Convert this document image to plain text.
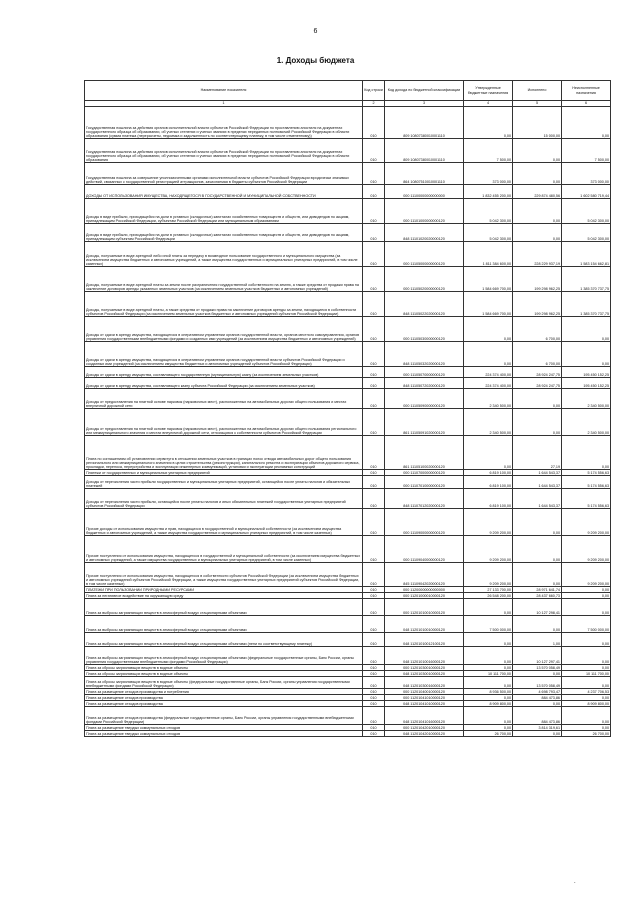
6
1. Доходы бюджета
Наименование показателя	Код строки	Код дохода по бюджетной классификации	Утвержденные бюджетные назначения	Исполнено	Неисполненные назначения
1	2	3	4	5	6
Государственная пошлина за действия органов исполнительной власти субъектов Российской Федерации по проставлению апостиля на документах государственного образца об образовании, об ученых степенях и ученых званиях в пределах переданных полномочий Российской Федерации в области образования (сумма платежа (перерасчеты, недоимка и задолженность по соответствующему платежу, в том числе отмененному))	010	809 10807380010001110	0,00	15 000,00	0,00
Государственная пошлина за действия органов исполнительной власти субъектов Российской Федерации по проставлению апостиля на документах государственного образца об образовании, об ученых степенях и ученых званиях в пределах переданных полномочий Российской Федерации в области образования	010	809 10807380010001110	7 500,00	0,00	7 500,00
Государственная пошлина за совершение уполномоченными органами исполнительной власти субъектов Российской Федерации юридически значимых действий, связанных с государственной регистрацией аттракционов, зачисляемая в бюджеты субъектов Российской Федерации	010	864 10807510010001110	373 000,00	0,00	373 000,00
ДОХОДЫ ОТ ИСПОЛЬЗОВАНИЯ ИМУЩЕСТВА, НАХОДЯЩЕГОСЯ В ГОСУДАРСТВЕННОЙ И МУНИЦИПАЛЬНОЙ СОБСТВЕННОСТИ	010	000 11100000000000000	1 832 455 200,00	229 874 480,56	1 602 580 719,44
Доходы в виде прибыли, приходящейся на доли в уставных (складочных) капиталах хозяйственных товариществ и обществ, или дивидендов по акциям, принадлежащим Российской Федерации, субъектам Российской Федерации или муниципальным образованиям	010	000 11101000000000120	5 042 300,00	0,00	5 042 300,00
Доходы в виде прибыли, приходящейся на доли в уставных (складочных) капиталах хозяйственных товариществ и обществ, или дивидендов по акциям, принадлежащим субъектам Российской Федерации	010	848 11101020020000120	5 042 300,00	0,00	5 042 300,00
Доходы, получаемые в виде арендной либо иной платы за передачу в возмездное пользование государственного и муниципального имущества (за исключением имущества бюджетных и автономных учреждений, а также имущества государственных и муниципальных унитарных предприятий, в том числе казенных)	010	000 11105000000000120	1 811 384 600,00	228 229 937,19	1 583 154 662,81
Доходы, получаемые в виде арендной платы за земли после разграничения государственной собственности на землю, а также средства от продажи права на заключение договоров аренды указанных земельных участков (за исключением земельных участков бюджетных и автономных учреждений)	010	000 11105020000000120	1 584 669 700,00	199 298 962,25	1 385 370 737,75
Доходы, получаемые в виде арендной платы, а также средства от продажи права на заключение договоров аренды за земли, находящиеся в собственности субъектов Российской Федерации (за исключением земельных участков бюджетных и автономных учреждений субъектов Российской Федерации)	010	848 11105022020000120	1 584 669 700,00	199 298 962,25	1 385 370 737,75
Доходы от сдачи в аренду имущества, находящегося в оперативном управлении органов государственной власти, органов местного самоуправления, органов управления государственными внебюджетными фондами и созданных ими учреждений (за исключением имущества бюджетных и автономных учреждений)	010	000 11105030000000120	0,00	6 700,00	0,00
Доходы от сдачи в аренду имущества, находящегося в оперативном управлении органов государственной власти субъектов Российской Федерации и созданных ими учреждений (за исключением имущества бюджетных и автономных учреждений субъектов Российской Федерации)	010	848 11105032020000120	0,00	6 700,00	0,00
Доходы от сдачи в аренду имущества, составляющего государственную (муниципальную) казну (за исключением земельных участков)	010	000 11105070000000120	224 374 400,00	28 924 247,75	195 450 152,25
Доходы от сдачи в аренду имущества, составляющего казну субъекта Российской Федерации (за исключением земельных участков)	010	848 11105072020000120	224 374 400,00	28 924 247,75	195 450 152,25
Доходы от предоставления на платной основе парковок (парковочных мест), расположенных на автомобильных дорогах общего пользования и местах внеуличной дорожной сети	010	000 11105090000000120	2 340 500,00	0,00	2 340 500,00
Доходы от предоставления на платной основе парковок (парковочных мест), расположенных на автомобильных дорогах общего пользования регионального или межмуниципального значения и местах внеуличной дорожной сети, относящихся к собственности субъектов Российской Федерации	010	861 11105091020000120	2 340 500,00	0,00	2 340 500,00
Плата по соглашениям об установлении сервитута в отношении земельных участков в границах полос отвода автомобильных дорог общего пользования регионального или межмуниципального значения в целях строительства (реконструкции), капитального ремонта и эксплуатации объектов дорожного сервиса, прокладки, переноса, переустройства и эксплуатации инженерных коммуникаций, установки и эксплуатации рекламных конструкций	010	861 11105100020000120	0,00	27,19	0,00
Платежи от государственных и муниципальных унитарных предприятий	010	000 11107000000000120	6 819 100,00	1 644 543,37	5 174 556,63
Доходы от перечисления части прибыли государственных и муниципальных унитарных предприятий, остающейся после уплаты налогов и обязательных платежей	010	000 11107010000000120	6 819 100,00	1 644 543,37	5 174 556,63
Доходы от перечисления части прибыли, остающейся после уплаты налогов и иных обязательных платежей государственных унитарных предприятий субъектов Российской Федерации	010	848 11107012020000120	6 819 100,00	1 644 543,37	5 174 556,63
Прочие доходы от использования имущества и прав, находящихся в государственной и муниципальной собственности (за исключением имущества бюджетных и автономных учреждений, а также имущества государственных и муниципальных унитарных предприятий, в том числе казенных)	010	000 11109000000000120	9 209 200,00	0,00	9 209 200,00
Прочие поступления от использования имущества, находящегося в государственной и муниципальной собственности (за исключением имущества бюджетных и автономных учреждений, а также имущества государственных и муниципальных унитарных предприятий, в том числе казенных)	010	000 11109040000000120	9 209 200,00	0,00	9 209 200,00
Прочие поступления от использования имущества, находящегося в собственности субъектов Российской Федерации (за исключением имущества бюджетных и автономных учреждений субъектов Российской Федерации, а также имущества государственных унитарных предприятий субъектов Российской Федерации, в том числе казенных)	010	845 11109042020000120	9 209 200,00	0,00	9 209 200,00
ПЛАТЕЖИ ПРИ ПОЛЬЗОВАНИИ ПРИРОДНЫМИ РЕСУРСАМИ	010	000 11200000000000000	27 133 700,00	28 971 641,74	0,00
Плата за негативное воздействие на окружающую среду	010	000 11201000010000120	26 548 200,00	28 437 660,73	0,00
Плата за выбросы загрязняющих веществ в атмосферный воздух стационарными объектами	010	000 11201010010000120	0,00	10 127 298,41	0,00
Плата за выбросы загрязняющих веществ в атмосферный воздух стационарными объектами	010	048 11201010010000120	7 500 000,00	0,00	7 500 000,00
Плата за выбросы загрязняющих веществ в атмосферный воздух стационарными объектами (пени по соответствующему платежу)	010	048 11201010012100120	0,00	1,00	0,00
Плата за выбросы загрязняющих веществ в атмосферный воздух стационарными объектами (федеральные государственные органы, Банк России, органы управления государственными внебюджетными фондами Российской Федерации)	010	048 11201010016000120	0,00	10 127 297,41	0,00
Плата за сбросы загрязняющих веществ в водные объекты	010	000 11201030010000120	0,00	13 570 058,49	0,00
Плата за сбросы загрязняющих веществ в водные объекты	010	048 11201030010000120	10 111 700,00	0,00	10 111 700,00
Плата за сбросы загрязняющих веществ в водные объекты (федеральные государственные органы, Банк России, органы управления государственными внебюджетными фондами Российской Федерации)	010	048 11201030016000120	0,00	13 570 058,49	0,00
Плата за размещение отходов производства и потребления	010	000 11201040010000120	8 936 500,00	4 698 793,47	4 237 706,53
Плата за размещение отходов производства	010	000 11201041010000120	0,00	884 473,86	0,00
Плата за размещение отходов производства	010	048 11201041010000120	8 909 800,00	0,00	8 909 800,00
Плата за размещение отходов производства (федеральные государственные органы, Банк России, органы управления государственными внебюджетными фондами Российской Федерации)	010	048 11201041016000120	0,00	884 473,86	0,00
Плата за размещение твердых коммунальных отходов	010	000 11201042010000120	0,00	3 814 319,61	0,00
Плата за размещение твердых коммунальных отходов	010	048 11201042010000120	26 700,00	0,00	26 700,00
.
